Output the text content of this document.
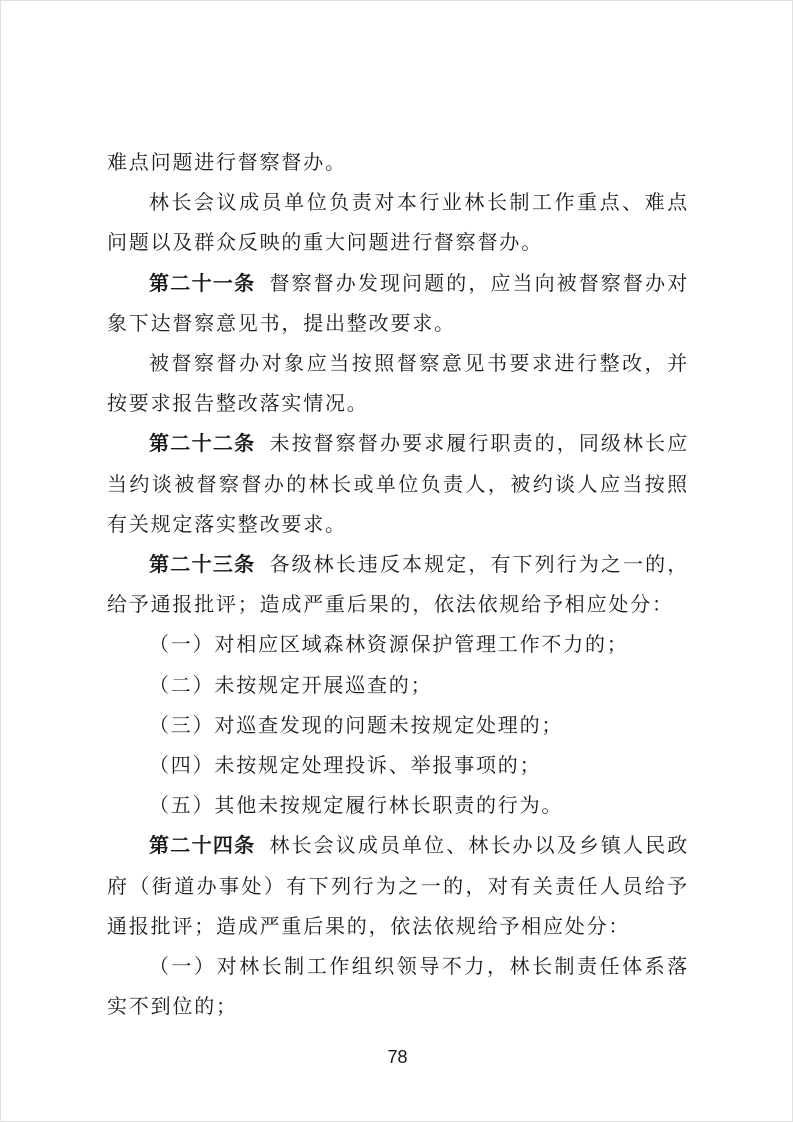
难点问题进行督察督办。

林长会议成员单位负责对本行业林长制工作重点、难点问题以及群众反映的重大问题进行督察督办。

第二十一条 督察督办发现问题的，应当向被督察督办对象下达督察意见书，提出整改要求。

被督察督办对象应当按照督察意见书要求进行整改，并按要求报告整改落实情况。

第二十二条 未按督察督办要求履行职责的，同级林长应当约谈被督察督办的林长或单位负责人，被约谈人应当按照有关规定落实整改要求。

第二十三条 各级林长违反本规定，有下列行为之一的，给予通报批评；造成严重后果的，依法依规给予相应处分：

（一）对相应区域森林资源保护管理工作不力的；

（二）未按规定开展巡查的；

（三）对巡查发现的问题未按规定处理的；

（四）未按规定处理投诉、举报事项的；

（五）其他未按规定履行林长职责的行为。

第二十四条 林长会议成员单位、林长办以及乡镇人民政府（街道办事处）有下列行为之一的，对有关责任人员给予通报批评；造成严重后果的，依法依规给予相应处分：

（一）对林长制工作组织领导不力，林长制责任体系落实不到位的；

78
